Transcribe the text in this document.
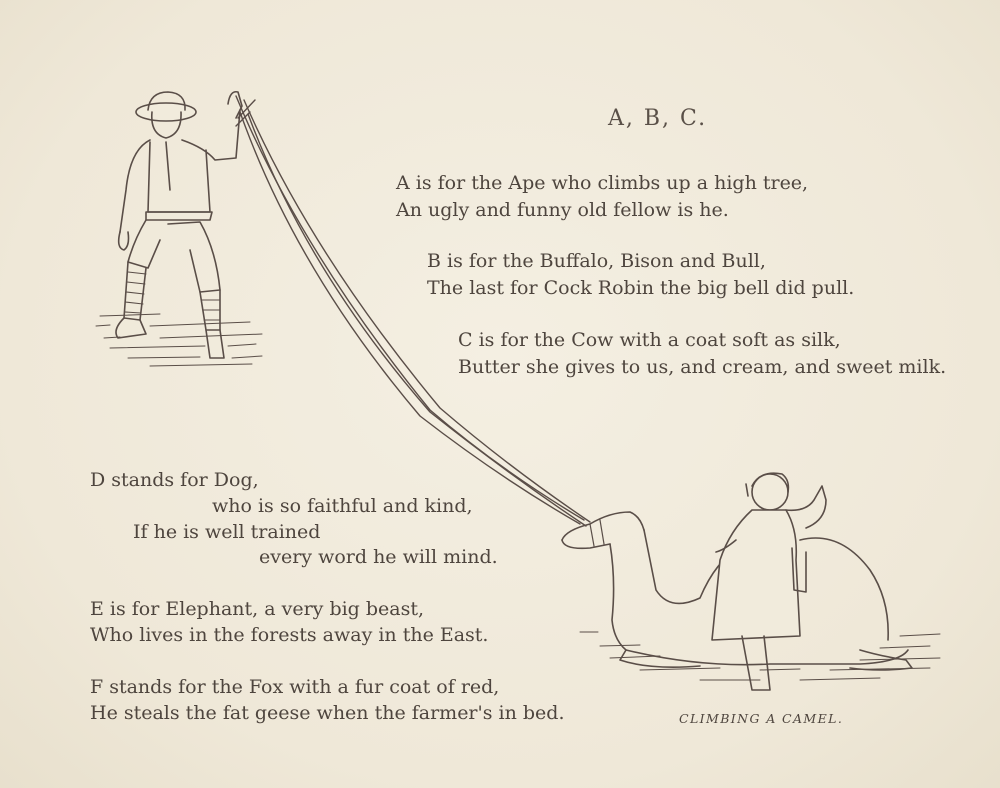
A, B, C.
A is for the Ape who climbs up a high tree,
An ugly and funny old fellow is he.
B is for the Buffalo, Bison and Bull,
The last for Cock Robin the big bell did pull.
C is for the Cow with a coat soft as silk,
Butter she gives to us, and cream, and sweet milk.
D stands for Dog,
who is so faithful and kind,
If he is well trained
every word he will mind.
E is for Elephant, a very big beast,
Who lives in the forests away in the East.
F stands for the Fox with a fur coat of red,
He steals the fat geese when the farmer's in bed.	CLIMBING A CAMEL.
